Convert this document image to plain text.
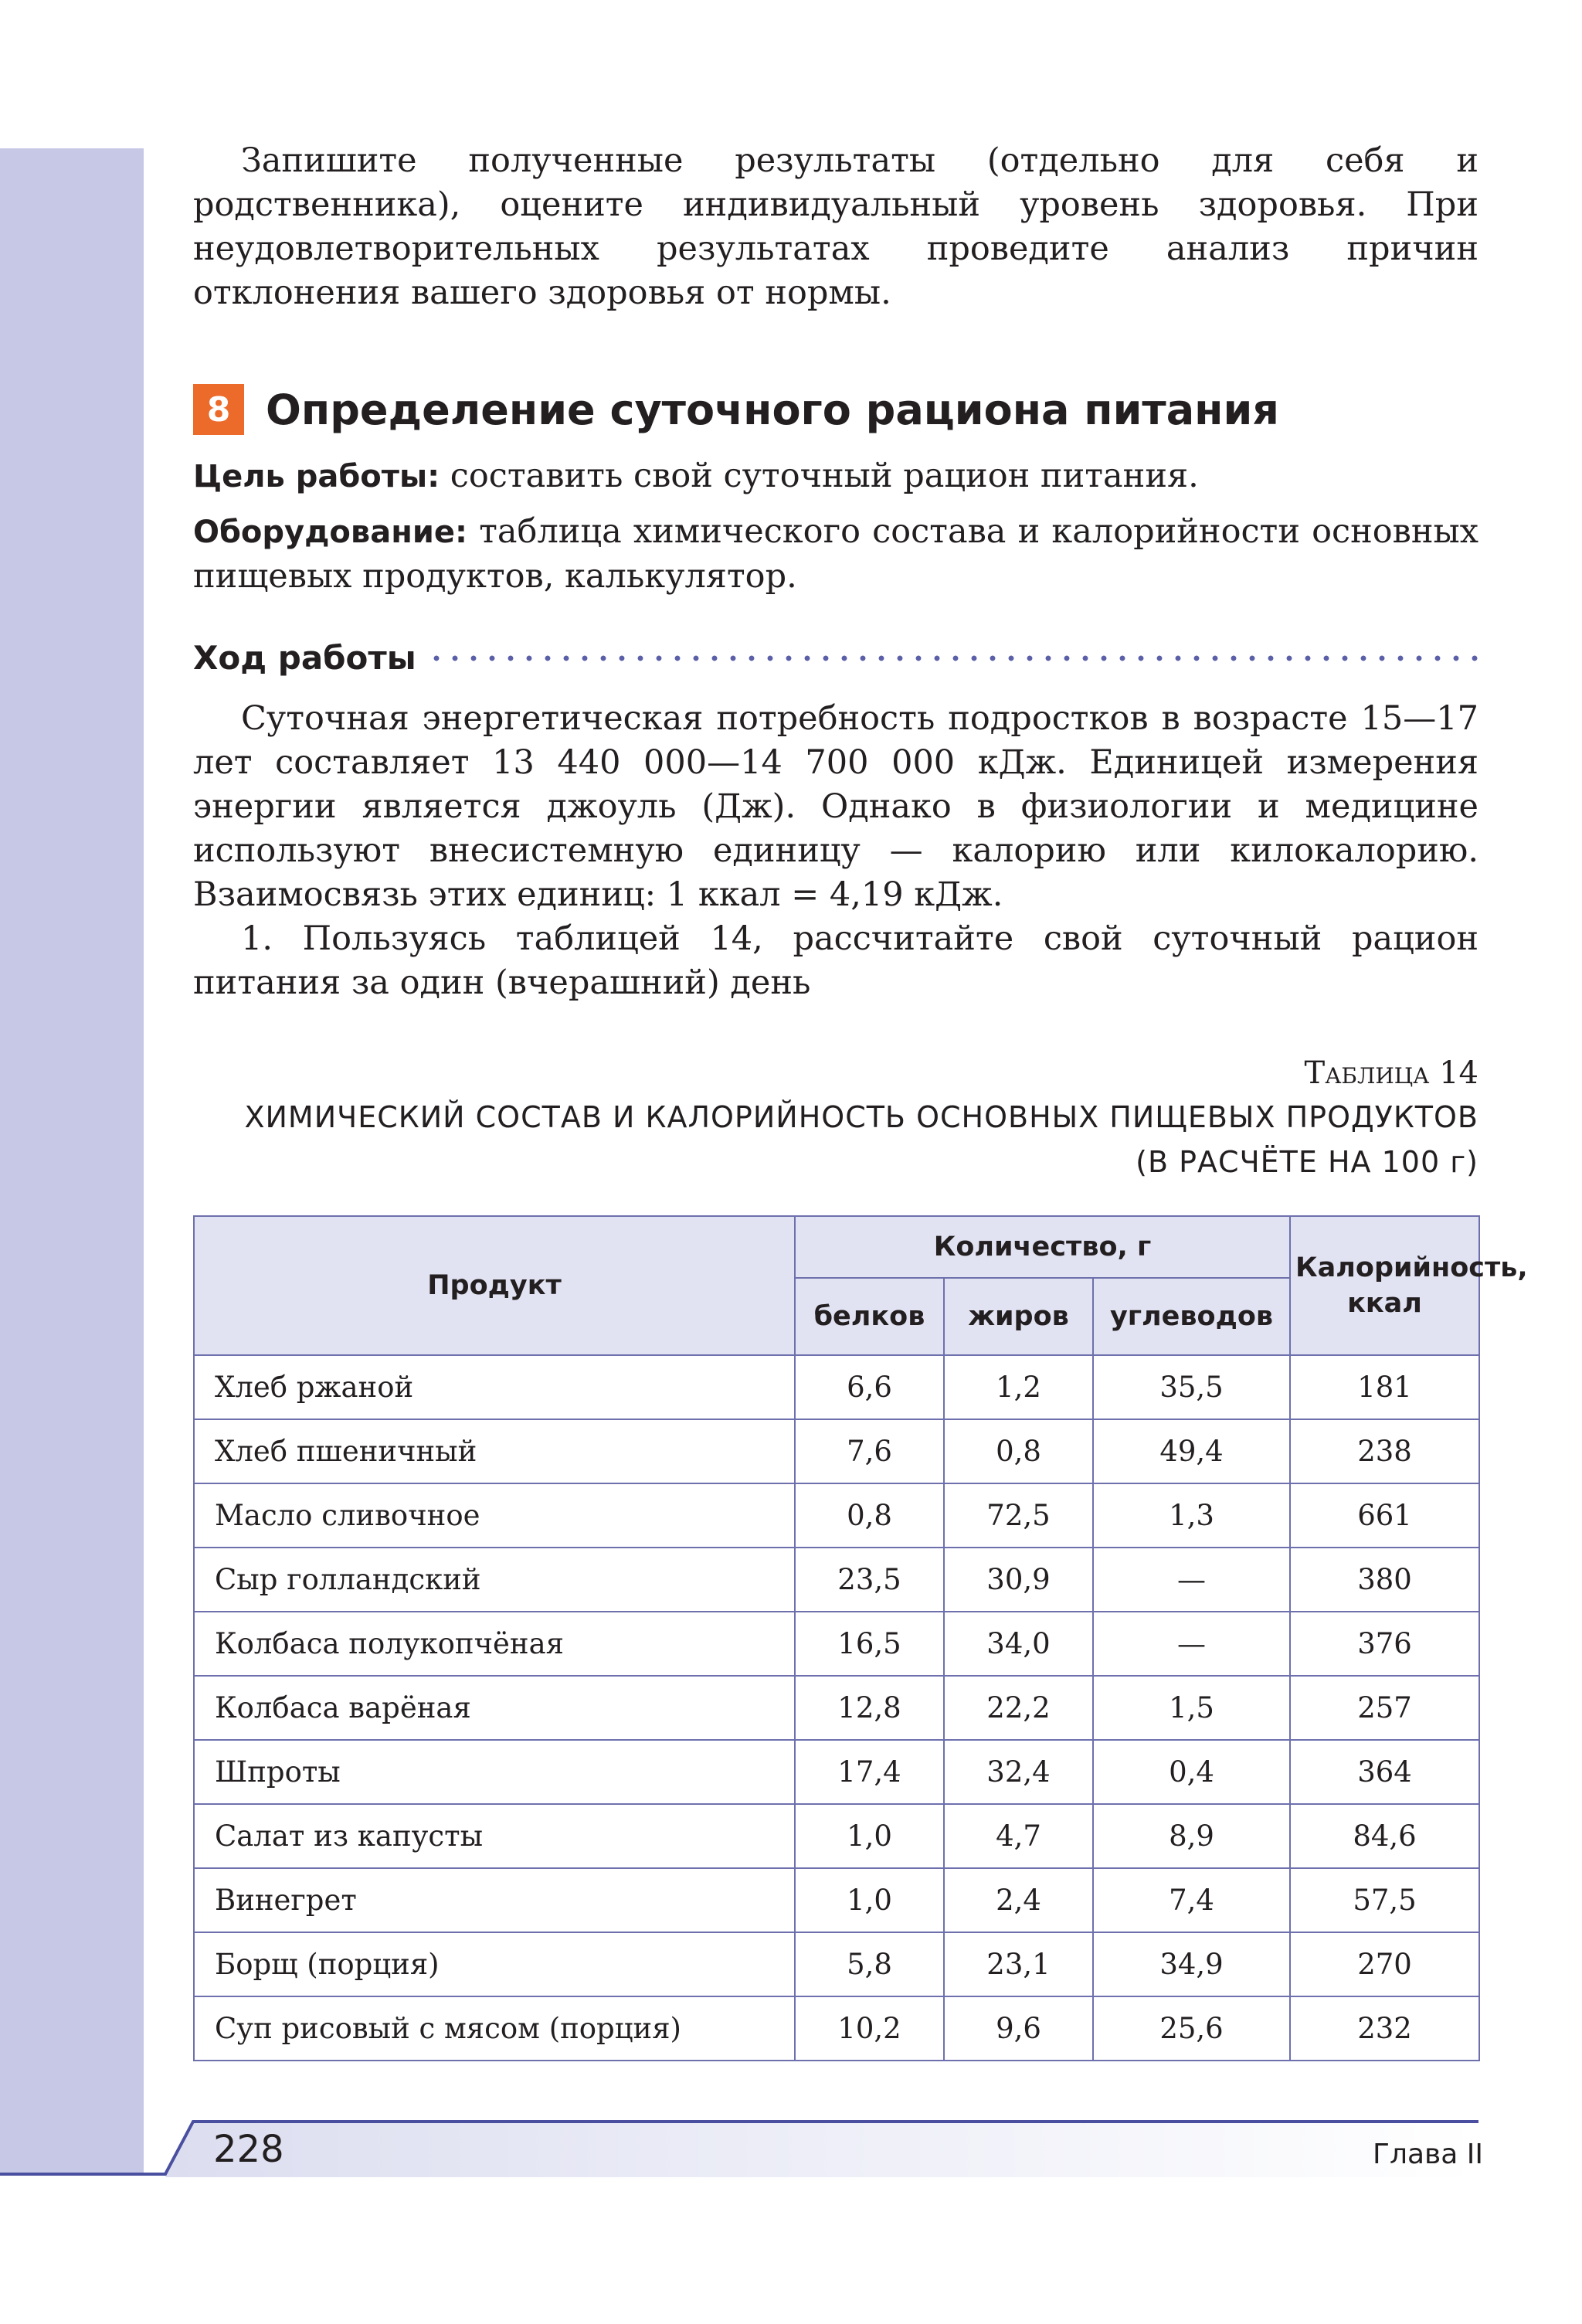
Запишите полученные результаты (отдельно для себя и родственника), оцените индивидуальный уровень здоровья. При неудовлетворительных результатах проведите анализ причин отклонения вашего здоровья от нормы.

8 Определение суточного рациона питания

Цель работы: составить свой суточный рацион питания.

Оборудование: таблица химического состава и калорийности основных пищевых продуктов, калькулятор.

Ход работы

Суточная энергетическая потребность подростков в возрасте 15—17 лет составляет 13 440 000—14 700 000 кДж. Единицей измерения энергии является джоуль (Дж). Однако в физиологии и медицине используют внесистемную единицу — калорию или килокалорию. Взаимосвязь этих единиц: 1 ккал = 4,19 кДж.

1. Пользуясь таблицей 14, рассчитайте свой суточный рацион питания за один (вчерашний) день

Таблица 14
ХИМИЧЕСКИЙ СОСТАВ И КАЛОРИЙНОСТЬ ОСНОВНЫХ ПИЩЕВЫХ ПРОДУКТОВ
(В РАСЧЁТЕ НА 100 г)
Продукт	Количество, г			Калорийность, ккал
	белков	жиров	углеводов	
Хлеб ржаной	6,6	1,2	35,5	181
Хлеб пшеничный	7,6	0,8	49,4	238
Масло сливочное	0,8	72,5	1,3	661
Сыр голландский	23,5	30,9	—	380
Колбаса полукопчёная	16,5	34,0	—	376
Колбаса варёная	12,8	22,2	1,5	257
Шпроты	17,4	32,4	0,4	364
Салат из капусты	1,0	4,7	8,9	84,6
Винегрет	1,0	2,4	7,4	57,5
Борщ (порция)	5,8	23,1	34,9	270
Суп рисовый с мясом (порция)	10,2	9,6	25,6	232
228	Глава II
